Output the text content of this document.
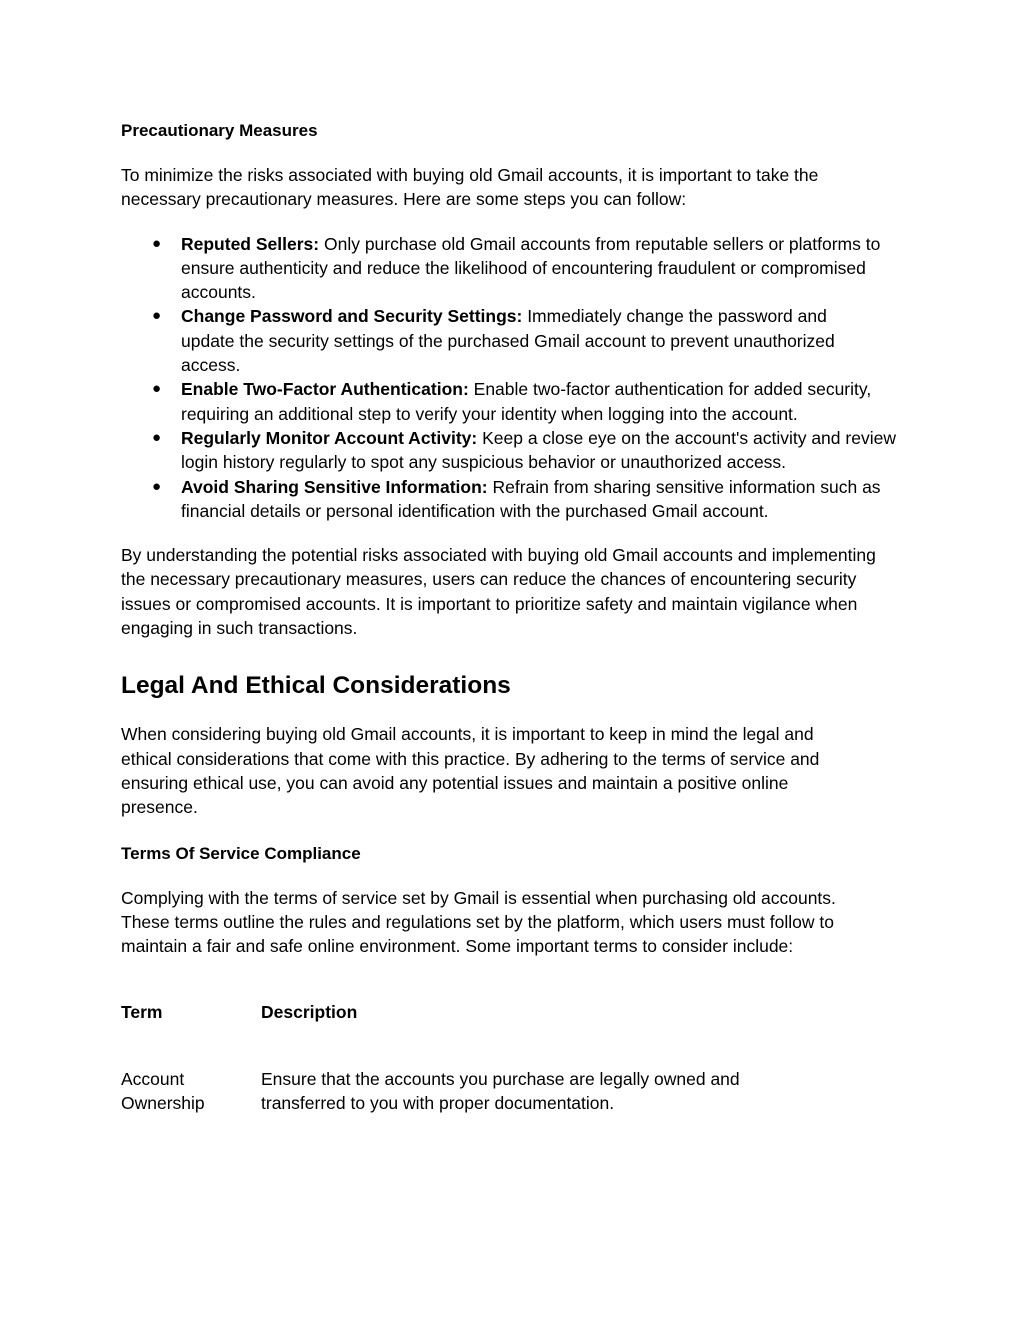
Precautionary Measures

To minimize the risks associated with buying old Gmail accounts, it is important to take the necessary precautionary measures. Here are some steps you can follow:

● Reputed Sellers: Only purchase old Gmail accounts from reputable sellers or platforms to ensure authenticity and reduce the likelihood of encountering fraudulent or compromised accounts.
● Change Password and Security Settings: Immediately change the password and update the security settings of the purchased Gmail account to prevent unauthorized access.
● Enable Two-Factor Authentication: Enable two-factor authentication for added security, requiring an additional step to verify your identity when logging into the account.
● Regularly Monitor Account Activity: Keep a close eye on the account's activity and review login history regularly to spot any suspicious behavior or unauthorized access.
● Avoid Sharing Sensitive Information: Refrain from sharing sensitive information such as financial details or personal identification with the purchased Gmail account.

By understanding the potential risks associated with buying old Gmail accounts and implementing the necessary precautionary measures, users can reduce the chances of encountering security issues or compromised accounts. It is important to prioritize safety and maintain vigilance when engaging in such transactions.

Legal And Ethical Considerations

When considering buying old Gmail accounts, it is important to keep in mind the legal and ethical considerations that come with this practice. By adhering to the terms of service and ensuring ethical use, you can avoid any potential issues and maintain a positive online presence.

Terms Of Service Compliance

Complying with the terms of service set by Gmail is essential when purchasing old accounts. These terms outline the rules and regulations set by the platform, which users must follow to maintain a fair and safe online environment. Some important terms to consider include:

Term	Description
Account Ownership	Ensure that the accounts you purchase are legally owned and transferred to you with proper documentation.
